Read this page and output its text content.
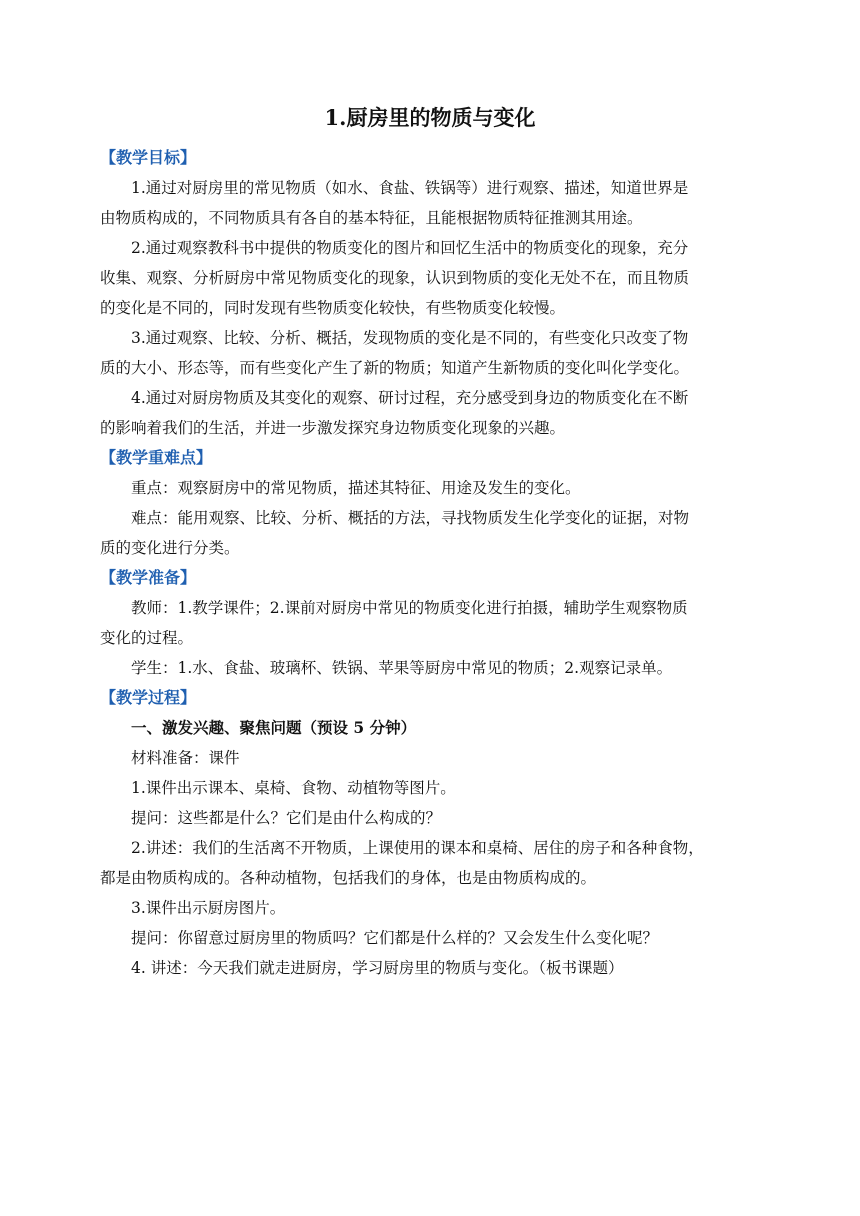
1.厨房里的物质与变化
【教学目标】

1.通过对厨房里的常见物质（如水、食盐、铁锅等）进行观察、描述，知道世界是
由物质构成的，不同物质具有各自的基本特征，且能根据物质特征推测其用途。

2.通过观察教科书中提供的物质变化的图片和回忆生活中的物质变化的现象，充分
收集、观察、分析厨房中常见物质变化的现象，认识到物质的变化无处不在，而且物质
的变化是不同的，同时发现有些物质变化较快，有些物质变化较慢。

3.通过观察、比较、分析、概括，发现物质的变化是不同的，有些变化只改变了物
质的大小、形态等，而有些变化产生了新的物质；知道产生新物质的变化叫化学变化。

4.通过对厨房物质及其变化的观察、研讨过程，充分感受到身边的物质变化在不断
的影响着我们的生活，并进一步激发探究身边物质变化现象的兴趣。

【教学重难点】

重点：观察厨房中的常见物质，描述其特征、用途及发生的变化。

难点：能用观察、比较、分析、概括的方法，寻找物质发生化学变化的证据，对物
质的变化进行分类。

【教学准备】

教师：1.教学课件；2.课前对厨房中常见的物质变化进行拍摄，辅助学生观察物质
变化的过程。

学生：1.水、食盐、玻璃杯、铁锅、苹果等厨房中常见的物质；2.观察记录单。

【教学过程】

一、激发兴趣、聚焦问题（预设 5 分钟）

材料准备：课件

1.课件出示课本、桌椅、食物、动植物等图片。

提问：这些都是什么？它们是由什么构成的？

2.讲述：我们的生活离不开物质，上课使用的课本和桌椅、居住的房子和各种食物，
都是由物质构成的。各种动植物，包括我们的身体，也是由物质构成的。

3.课件出示厨房图片。

提问：你留意过厨房里的物质吗？它们都是什么样的？又会发生什么变化呢？

4. 讲述：今天我们就走进厨房，学习厨房里的物质与变化。（板书课题）
